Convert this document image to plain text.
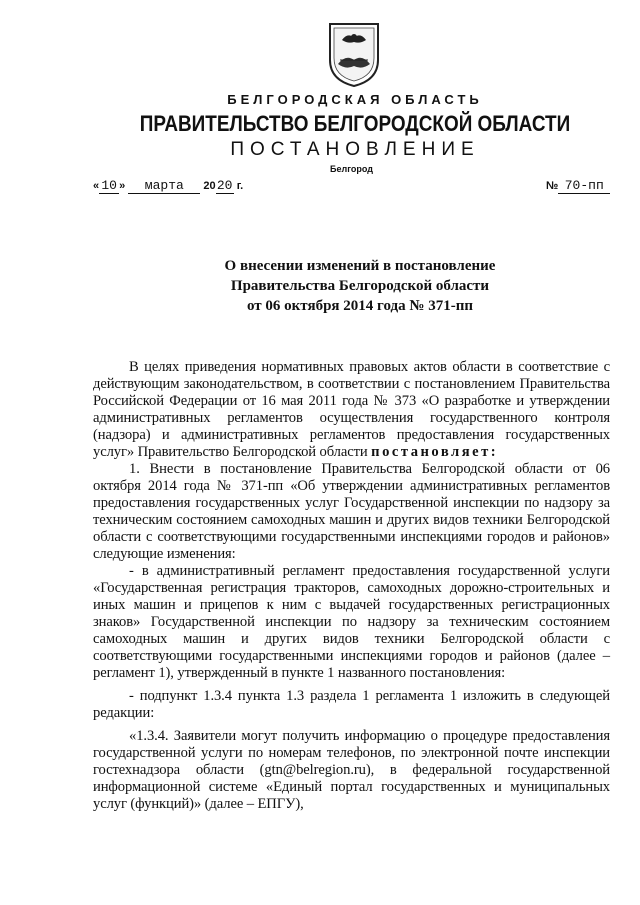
БЕЛГОРОДСКАЯ ОБЛАСТЬ
ПРАВИТЕЛЬСТВО БЕЛГОРОДСКОЙ ОБЛАСТИ
ПОСТАНОВЛЕНИЕ
Белгород
« 10 » марта 2020 г.	№ 70-пп
О внесении изменений в постановление
Правительства Белгородской области
от 06 октября 2014 года № 371-пп

В целях приведения нормативных правовых актов области в соответствие с действующим законодательством, в соответствии с постановлением Правительства Российской Федерации от 16 мая 2011 года № 373 «О разработке и утверждении административных регламентов осуществления государственного контроля (надзора) и административных регламентов предоставления государственных услуг» Правительство Белгородской области постановляет:

1. Внести в постановление Правительства Белгородской области от 06 октября 2014 года № 371-пп «Об утверждении административных регламентов предоставления государственных услуг Государственной инспекции по надзору за техническим состоянием самоходных машин и других видов техники Белгородской области с соответствующими государственными инспекциями городов и районов» следующие изменения:

- в административный регламент предоставления государственной услуги «Государственная регистрация тракторов, самоходных дорожно-строительных и иных машин и прицепов к ним с выдачей государственных регистрационных знаков» Государственной инспекции по надзору за техническим состоянием самоходных машин и других видов техники Белгородской области с соответствующими государственными инспекциями городов и районов (далее – регламент 1), утвержденный в пункте 1 названного постановления:

- подпункт 1.3.4 пункта 1.3 раздела 1 регламента 1 изложить в следующей редакции:

«1.3.4. Заявители могут получить информацию о процедуре предоставления государственной услуги по номерам телефонов, по электронной почте инспекции гостехнадзора области (gtn@belregion.ru), в федеральной государственной информационной системе «Единый портал государственных и муниципальных услуг (функций)» (далее – ЕПГУ),
